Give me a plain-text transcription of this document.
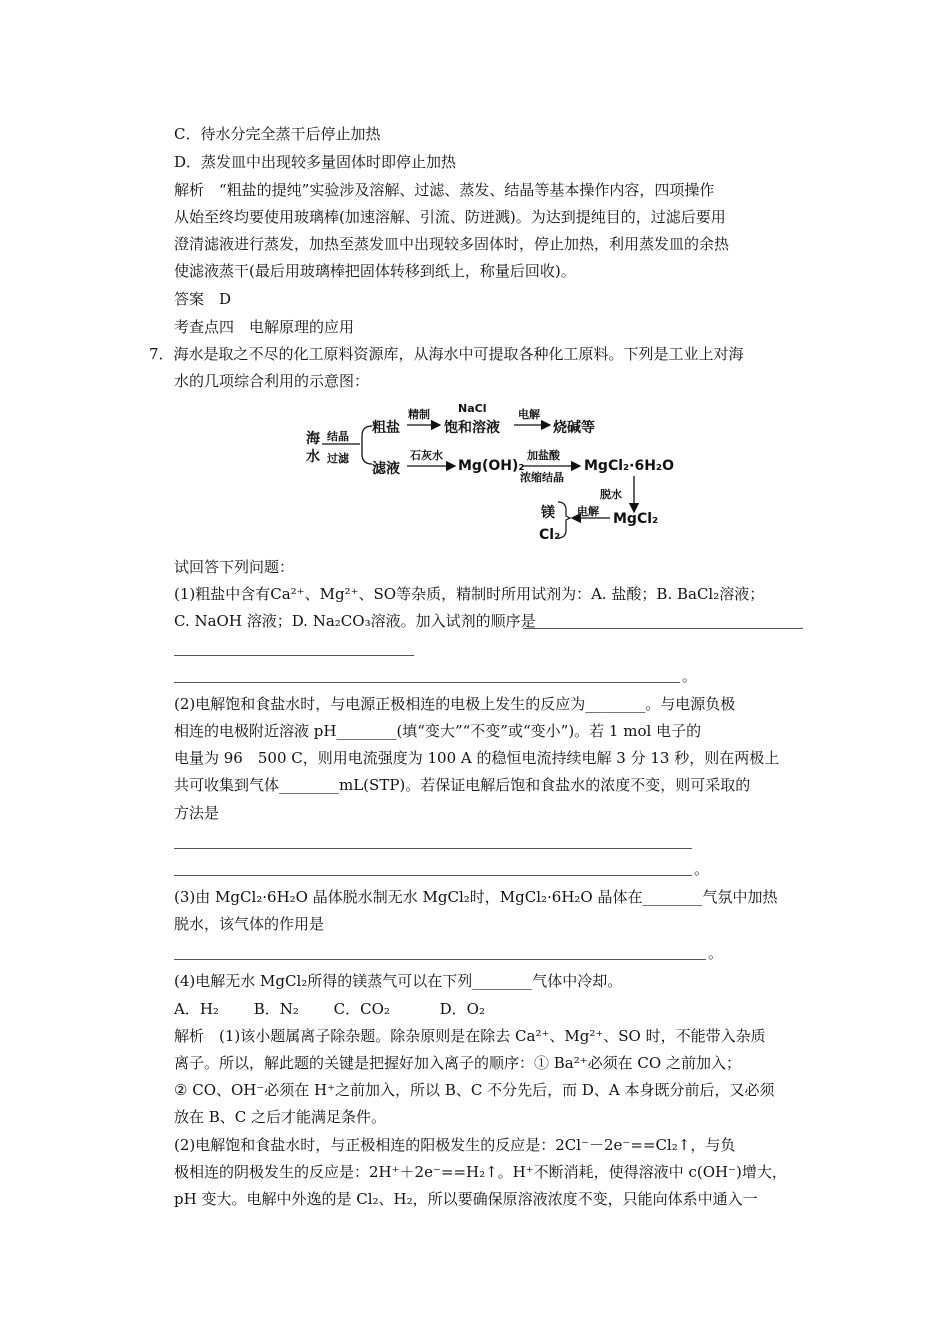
C．待水分完全蒸干后停止加热
D．蒸发皿中出现较多量固体时即停止加热
解析　“粗盐的提纯”实验涉及溶解、过滤、蒸发、结晶等基本操作内容，四项操作
从始至终均要使用玻璃棒(加速溶解、引流、防迸溅)。为达到提纯目的，过滤后要用
澄清滤液进行蒸发，加热至蒸发皿中出现较多固体时，停止加热，利用蒸发皿的余热
使滤液蒸干(最后用玻璃棒把固体转移到纸上，称量后回收)。
答案　D
考查点四　电解原理的应用
7．海水是取之不尽的化工原料资源库，从海水中可提取各种化工原料。下列是工业上对海
水的几项综合利用的示意图：
海
水
结晶
过滤
粗盐
精制	NaCl
饱和溶液
电解
烧碱等
滤液
石灰水
Mg(OH)₂
加盐酸
浓缩结晶
MgCl₂·6H₂O
脱水
镁
Cl₂
电解 MgCl₂
试回答下列问题：
(1)粗盐中含有Ca²⁺、Mg²⁺、SO等杂质，精制时所用试剂为：A. 盐酸；B. BaCl₂溶液；
C. NaOH 溶液；D. Na₂CO₃溶液。加入试剂的顺序是
。
(2)电解饱和食盐水时，与电源正极相连的电极上发生的反应为________。与电源负极
相连的电极附近溶液 pH________(填“变大”“不变”或“变小”)。若 1 mol 电子的
电量为 96　500 C，则用电流强度为 100 A 的稳恒电流持续电解 3 分 13 秒，则在两极上
共可收集到气体________mL(STP)。若保证电解后饱和食盐水的浓度不变，则可采取的
方法是
。
(3)由 MgCl₂·6H₂O 晶体脱水制无水 MgCl₂时，MgCl₂·6H₂O 晶体在________气氛中加热
脱水，该气体的作用是
。
(4)电解无水 MgCl₂所得的镁蒸气可以在下列________气体中冷却。
A．H₂　　 B．N₂　　 C．CO₂　　　 D．O₂
解析　(1)该小题属离子除杂题。除杂原则是在除去 Ca²⁺、Mg²⁺、SO 时，不能带入杂质
离子。所以，解此题的关键是把握好加入离子的顺序：① Ba²⁺必须在 CO 之前加入；
② CO、OH⁻必须在 H⁺之前加入，所以 B、C 不分先后，而 D、A 本身既分前后，又必须
放在 B、C 之后才能满足条件。
(2)电解饱和食盐水时，与正极相连的阳极发生的反应是：2Cl⁻－2e⁻==Cl₂↑，与负
极相连的阴极发生的反应是：2H⁺＋2e⁻==H₂↑。H⁺不断消耗，使得溶液中 c(OH⁻)增大，
pH 变大。电解中外逸的是 Cl₂、H₂，所以要确保原溶液浓度不变，只能向体系中通入一
